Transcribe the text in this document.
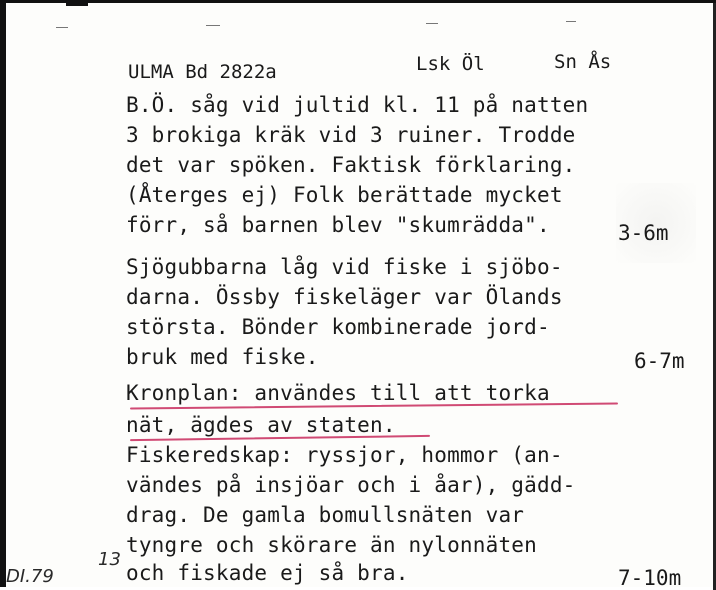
ULMA Bd 2822a	Lsk Öl	Sn Ås
B.Ö. såg vid jultid kl. 11 på natten
3 brokiga kräk vid 3 ruiner. Trodde
det var spöken. Faktisk förklaring.
(Återges ej) Folk berättade mycket
förr, så barnen blev "skumrädda".	3-6m
Sjögubbarna låg vid fiske i sjöbo-
darna. Össby fiskeläger var Ölands
största. Bönder kombinerade jord-
bruk med fiske.	6-7m
Kronplan: användes till att torka
nät, ägdes av staten.
Fiskeredskap: ryssjor, hommor (an-
vändes på insjöar och i åar), gädd-
drag. De gamla bomullsnäten var
tyngre och skörare än nylonnäten
och fiskade ej så bra.	7-10m
DI.79
13
